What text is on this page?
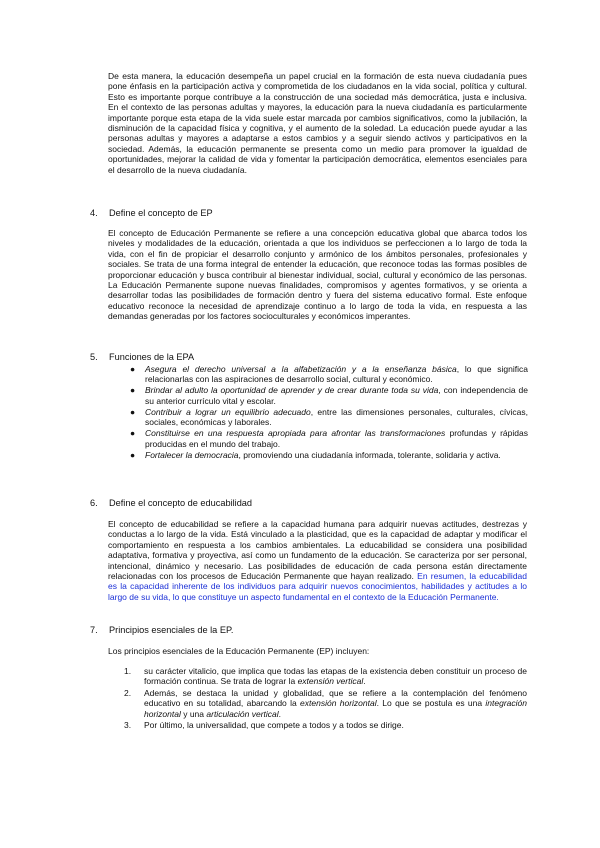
De esta manera, la educación desempeña un papel crucial en la formación de esta nueva ciudadanía pues pone énfasis en la participación activa y comprometida de los ciudadanos en la vida social, política y cultural. Esto es importante porque contribuye a la construcción de una sociedad más democrática, justa e inclusiva. En el contexto de las personas adultas y mayores, la educación para la nueva ciudadanía es particularmente importante porque esta etapa de la vida suele estar marcada por cambios significativos, como la jubilación, la disminución de la capacidad física y cognitiva, y el aumento de la soledad. La educación puede ayudar a las personas adultas y mayores a adaptarse a estos cambios y a seguir siendo activos y participativos en la sociedad. Además, la educación permanente se presenta como un medio para promover la igualdad de oportunidades, mejorar la calidad de vida y fomentar la participación democrática, elementos esenciales para el desarrollo de la nueva ciudadanía.

4. Define el concepto de EP

El concepto de Educación Permanente se refiere a una concepción educativa global que abarca todos los niveles y modalidades de la educación, orientada a que los individuos se perfeccionen a lo largo de toda la vida, con el fin de propiciar el desarrollo conjunto y armónico de los ámbitos personales, profesionales y sociales. Se trata de una forma integral de entender la educación, que reconoce todas las formas posibles de proporcionar educación y busca contribuir al bienestar individual, social, cultural y económico de las personas. La Educación Permanente supone nuevas finalidades, compromisos y agentes formativos, y se orienta a desarrollar todas las posibilidades de formación dentro y fuera del sistema educativo formal. Este enfoque educativo reconoce la necesidad de aprendizaje continuo a lo largo de toda la vida, en respuesta a las demandas generadas por los factores socioculturales y económicos imperantes.

5. Funciones de la EPA
● Asegura el derecho universal a la alfabetización y a la enseñanza básica, lo que significa relacionarlas con las aspiraciones de desarrollo social, cultural y económico.
● Brindar al adulto la oportunidad de aprender y de crear durante toda su vida, con independencia de su anterior currículo vital y escolar.
● Contribuir a lograr un equilibrio adecuado, entre las dimensiones personales, culturales, cívicas, sociales, económicas y laborales.
● Constituirse en una respuesta apropiada para afrontar las transformaciones profundas y rápidas producidas en el mundo del trabajo.
● Fortalecer la democracia, promoviendo una ciudadanía informada, tolerante, solidaria y activa.
6. Define el concepto de educabilidad

El concepto de educabilidad se refiere a la capacidad humana para adquirir nuevas actitudes, destrezas y conductas a lo largo de la vida. Está vinculado a la plasticidad, que es la capacidad de adaptar y modificar el comportamiento en respuesta a los cambios ambientales. La educabilidad se considera una posibilidad adaptativa, formativa y proyectiva, así como un fundamento de la educación. Se caracteriza por ser personal, intencional, dinámico y necesario. Las posibilidades de educación de cada persona están directamente relacionadas con los procesos de Educación Permanente que hayan realizado. En resumen, la educabilidad es la capacidad inherente de los individuos para adquirir nuevos conocimientos, habilidades y actitudes a lo largo de su vida, lo que constituye un aspecto fundamental en el contexto de la Educación Permanente.

7. Principios esenciales de la EP.

Los principios esenciales de la Educación Permanente (EP) incluyen:

1. su carácter vitalicio, que implica que todas las etapas de la existencia deben constituir un proceso de formación continua. Se trata de lograr la extensión vertical.
2. Además, se destaca la unidad y globalidad, que se refiere a la contemplación del fenómeno educativo en su totalidad, abarcando la extensión horizontal. Lo que se postula es una integración horizontal y una articulación vertical.
3. Por último, la universalidad, que compete a todos y a todos se dirige.
